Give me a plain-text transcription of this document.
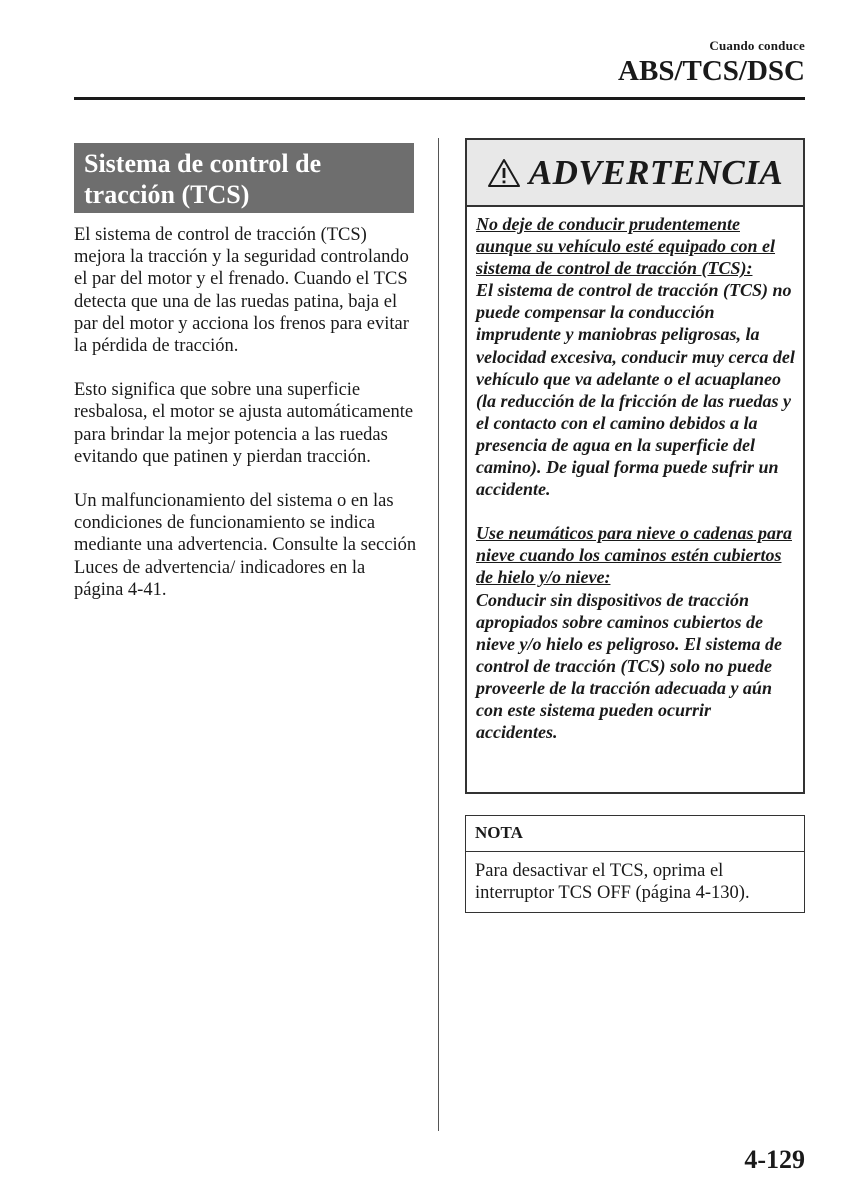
Cuando conduce
ABS/TCS/DSC
Sistema de control de
tracción (TCS)

El sistema de control de tracción (TCS) mejora la tracción y la seguridad controlando el par del motor y el frenado. Cuando el TCS detecta que una de las ruedas patina, baja el par del motor y acciona los frenos para evitar la pérdida de tracción.

Esto significa que sobre una superficie resbalosa, el motor se ajusta automáticamente para brindar la mejor potencia a las ruedas evitando que patinen y pierdan tracción.

Un malfuncionamiento del sistema o en las condiciones de funcionamiento se indica mediante una advertencia. Consulte la sección Luces de advertencia/ indicadores en la página 4-41.

ADVERTENCIA

No deje de conducir prudentemente aunque su vehículo esté equipado con el sistema de control de tracción (TCS):

El sistema de control de tracción (TCS) no puede compensar la conducción imprudente y maniobras peligrosas, la velocidad excesiva, conducir muy cerca del vehículo que va adelante o el acuaplaneo (la reducción de la fricción de las ruedas y el contacto con el camino debidos a la presencia de agua en la superficie del camino). De igual forma puede sufrir un accidente.

Use neumáticos para nieve o cadenas para nieve cuando los caminos estén cubiertos de hielo y/o nieve:

Conducir sin dispositivos de tracción apropiados sobre caminos cubiertos de nieve y/o hielo es peligroso. El sistema de control de tracción (TCS) solo no puede proveerle de la tracción adecuada y aún con este sistema pueden ocurrir accidentes.

NOTA
Para desactivar el TCS, oprima el interruptor TCS OFF (página 4-130).
4-129
